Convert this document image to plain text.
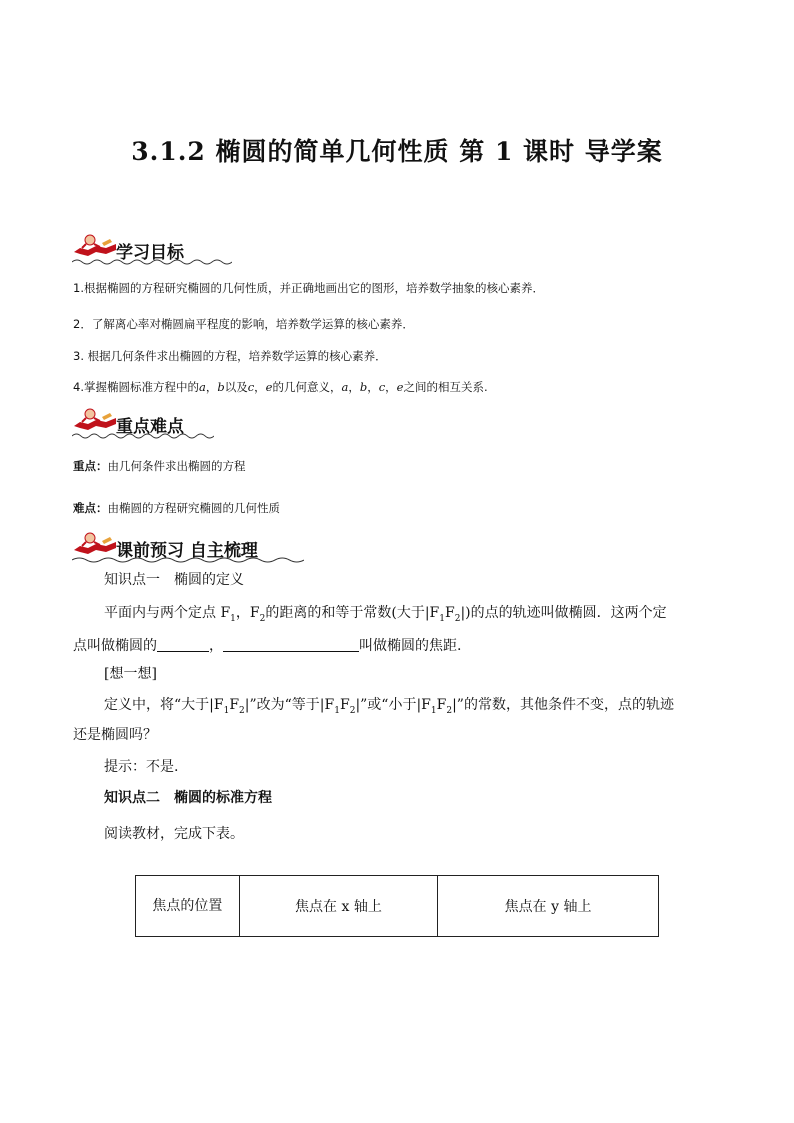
3.1.2 椭圆的简单几何性质 第 1 课时 导学案
学习目标
1.根据椭圆的方程研究椭圆的几何性质，并正确地画出它的图形，培养数学抽象的核心素养．
2．了解离心率对椭圆扁平程度的影响，培养数学运算的核心素养．
3. 根据几何条件求出椭圆的方程，培养数学运算的核心素养．
4.掌握椭圆标准方程中的a，b以及c，e的几何意义，a，b，c，e之间的相互关系.
重点难点
重点：由几何条件求出椭圆的方程
难点：由椭圆的方程研究椭圆的几何性质
课前预习 自主梳理
知识点一　椭圆的定义
平面内与两个定点 $F_1$，$F_2$的距离的和等于常数(大于$|F_1F_2|$)的点的轨迹叫做椭圆．这两个定
点叫做椭圆的	，	叫做椭圆的焦距.
[想一想]
定义中，将“大于$|F_1F_2|$”改为“等于$|F_1F_2|$”或“小于$|F_1F_2|$”的常数，其他条件不变，点的轨迹
还是椭圆吗？
提示：不是.
知识点二　椭圆的标准方程
阅读教材，完成下表。
焦点的位置	焦点在 x 轴上	焦点在 y 轴上
